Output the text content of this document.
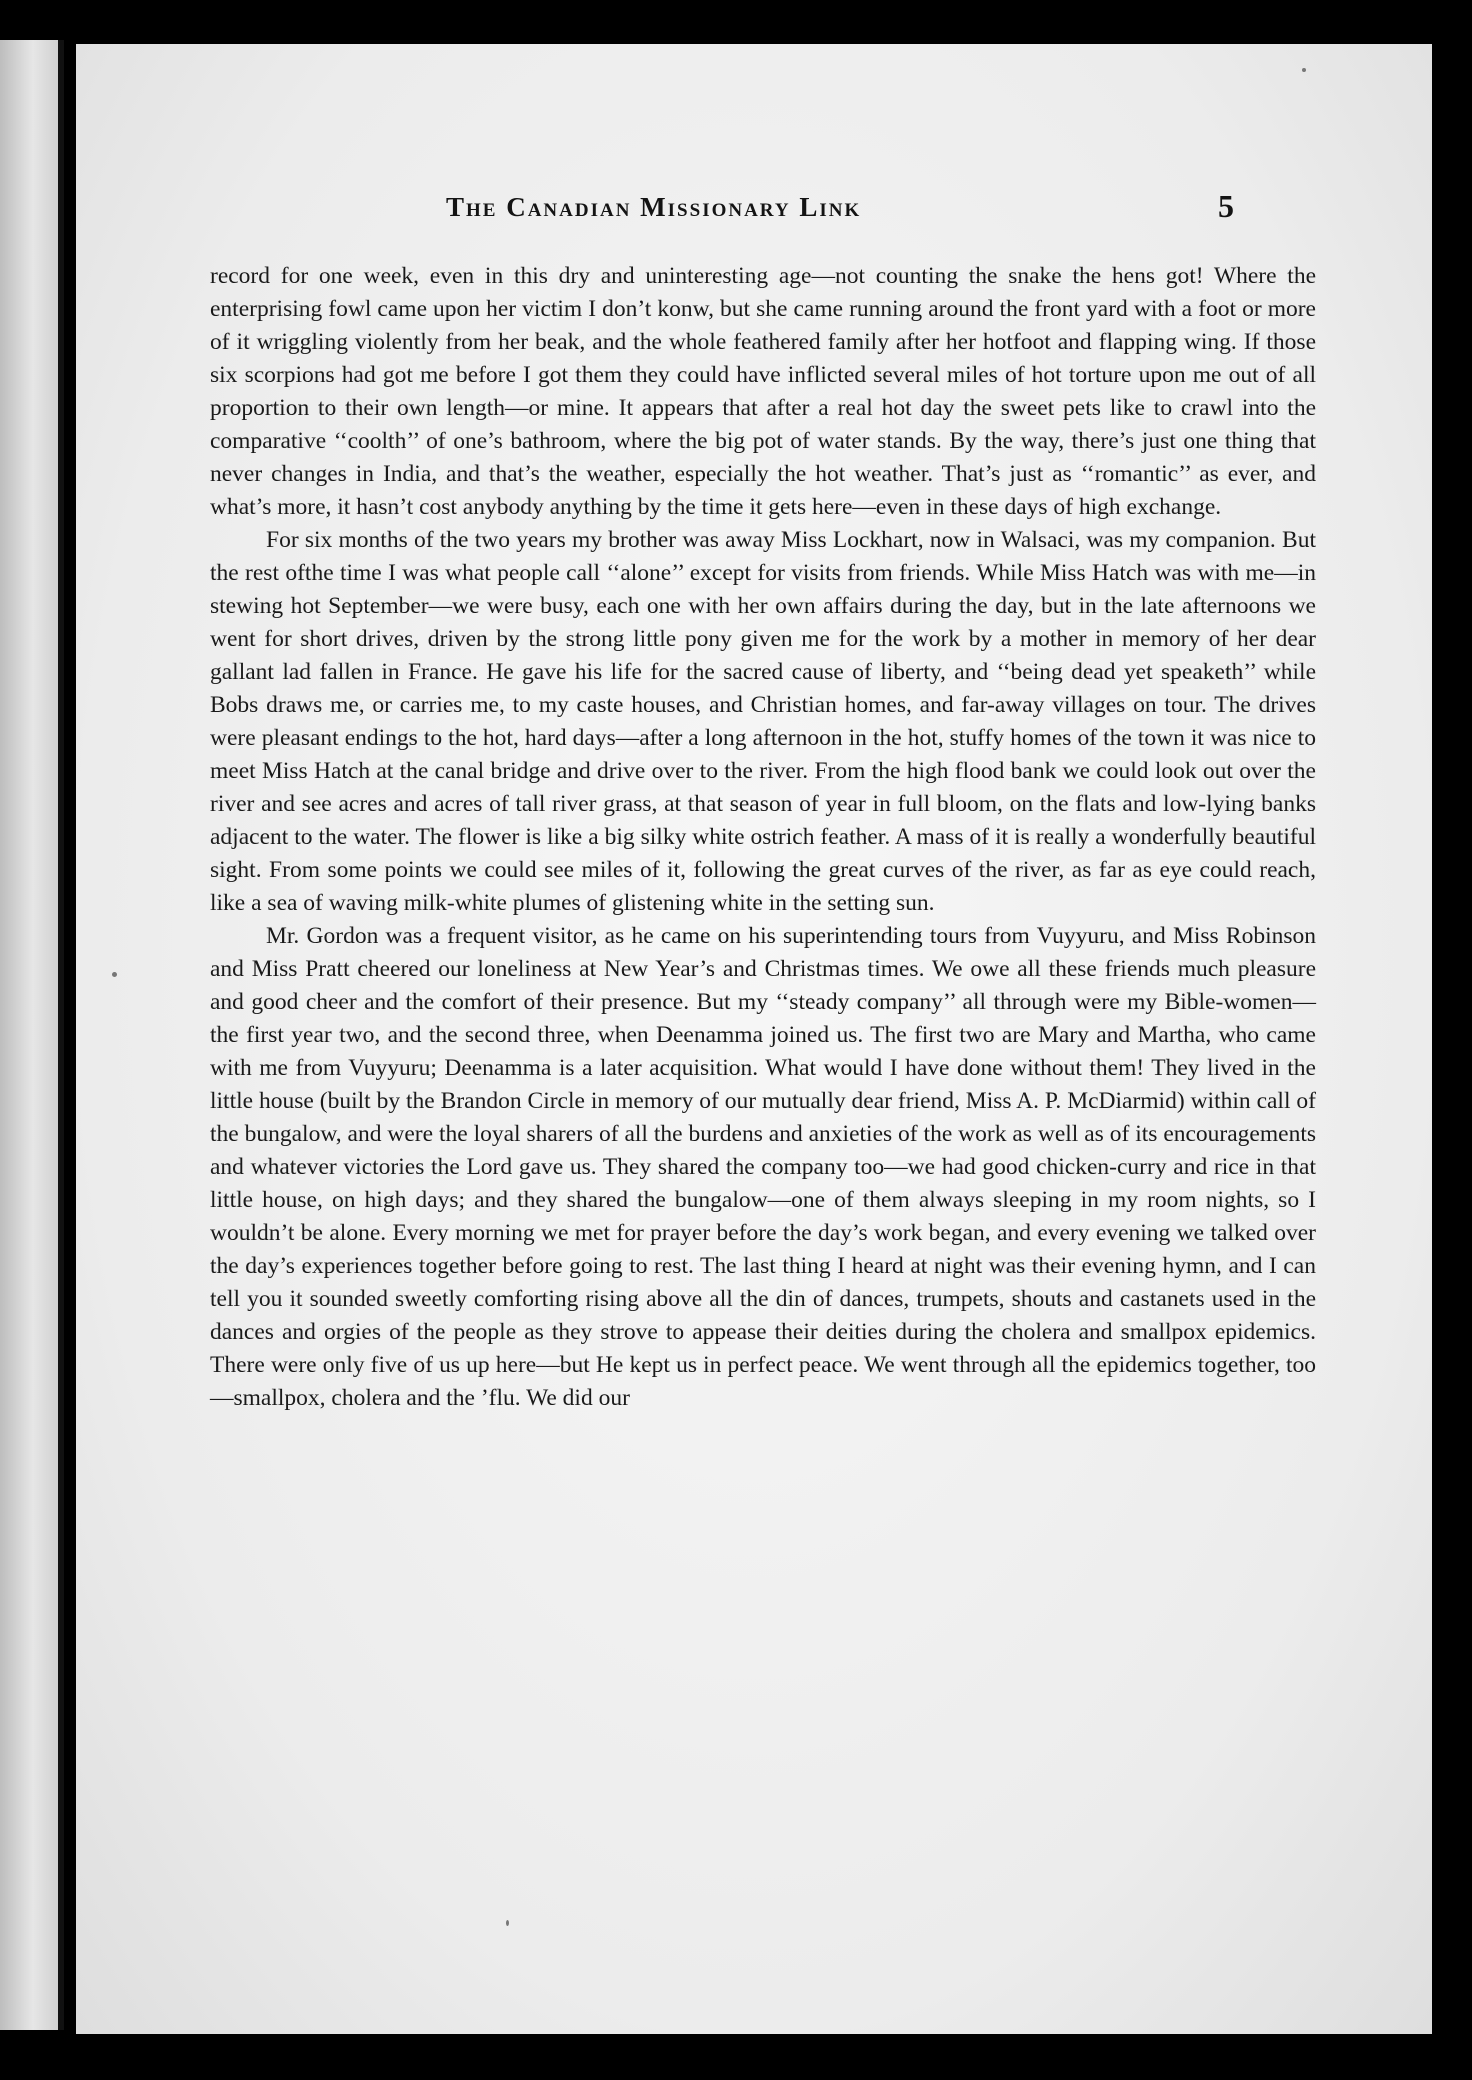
The Canadian Missionary Link	5

record for one week, even in this dry and uninteresting age—not counting the snake the hens got! Where the enterprising fowl came upon her victim I don’t konw, but she came running around the front yard with a foot or more of it wriggling violently from her beak, and the whole feathered family after her hotfoot and flapping wing. If those six scorpions had got me before I got them they could have inflicted several miles of hot torture upon me out of all proportion to their own length—or mine. It appears that after a real hot day the sweet pets like to crawl into the comparative ‘‘coolth’’ of one’s bathroom, where the big pot of water stands. By the way, there’s just one thing that never changes in India, and that’s the weather, especially the hot weather. That’s just as ‘‘romantic’’ as ever, and what’s more, it hasn’t cost anybody anything by the time it gets here—even in these days of high exchange.

For six months of the two years my brother was away Miss Lockhart, now in Walsaci, was my companion. But the rest ofthe time I was what people call ‘‘alone’’ except for visits from friends. While Miss Hatch was with me—in stewing hot September—we were busy, each one with her own affairs during the day, but in the late afternoons we went for short drives, driven by the strong little pony given me for the work by a mother in memory of her dear gallant lad fallen in France. He gave his life for the sacred cause of liberty, and ‘‘being dead yet speaketh’’ while Bobs draws me, or carries me, to my caste houses, and Christian homes, and far-away villages on tour. The drives were pleasant endings to the hot, hard days—after a long afternoon in the hot, stuffy homes of the town it was nice to meet Miss Hatch at the canal bridge and drive over to the river. From the high flood bank we could look out over the river and see acres and acres of tall river grass, at that season of year in full bloom, on the flats and low-lying banks adjacent to the water. The flower is like a big silky white ostrich feather. A mass of it is really a wonderfully beautiful sight. From some points we could see miles of it, following the great curves of the river, as far as eye could reach, like a sea of waving milk-white plumes of glistening white in the setting sun.

Mr. Gordon was a frequent visitor, as he came on his superintending tours from Vuyyuru, and Miss Robinson and Miss Pratt cheered our loneliness at New Year’s and Christmas times. We owe all these friends much pleasure and good cheer and the comfort of their presence. But my ‘‘steady company’’ all through were my Bible-women—the first year two, and the second three, when Deenamma joined us. The first two are Mary and Martha, who came with me from Vuyyuru; Deenamma is a later acquisition. What would I have done without them! They lived in the little house (built by the Brandon Circle in memory of our mutually dear friend, Miss A. P. McDiarmid) within call of the bungalow, and were the loyal sharers of all the burdens and anxieties of the work as well as of its encouragements and whatever victories the Lord gave us. They shared the company too—we had good chicken-curry and rice in that little house, on high days; and they shared the bungalow—one of them always sleeping in my room nights, so I wouldn’t be alone. Every morning we met for prayer before the day’s work began, and every evening we talked over the day’s experiences together before going to rest. The last thing I heard at night was their evening hymn, and I can tell you it sounded sweetly comforting rising above all the din of dances, trumpets, shouts and castanets used in the dances and orgies of the people as they strove to appease their deities during the cholera and smallpox epidemics. There were only five of us up here—but He kept us in perfect peace. We went through all the epidemics together, too—smallpox, cholera and the ’flu. We did our
